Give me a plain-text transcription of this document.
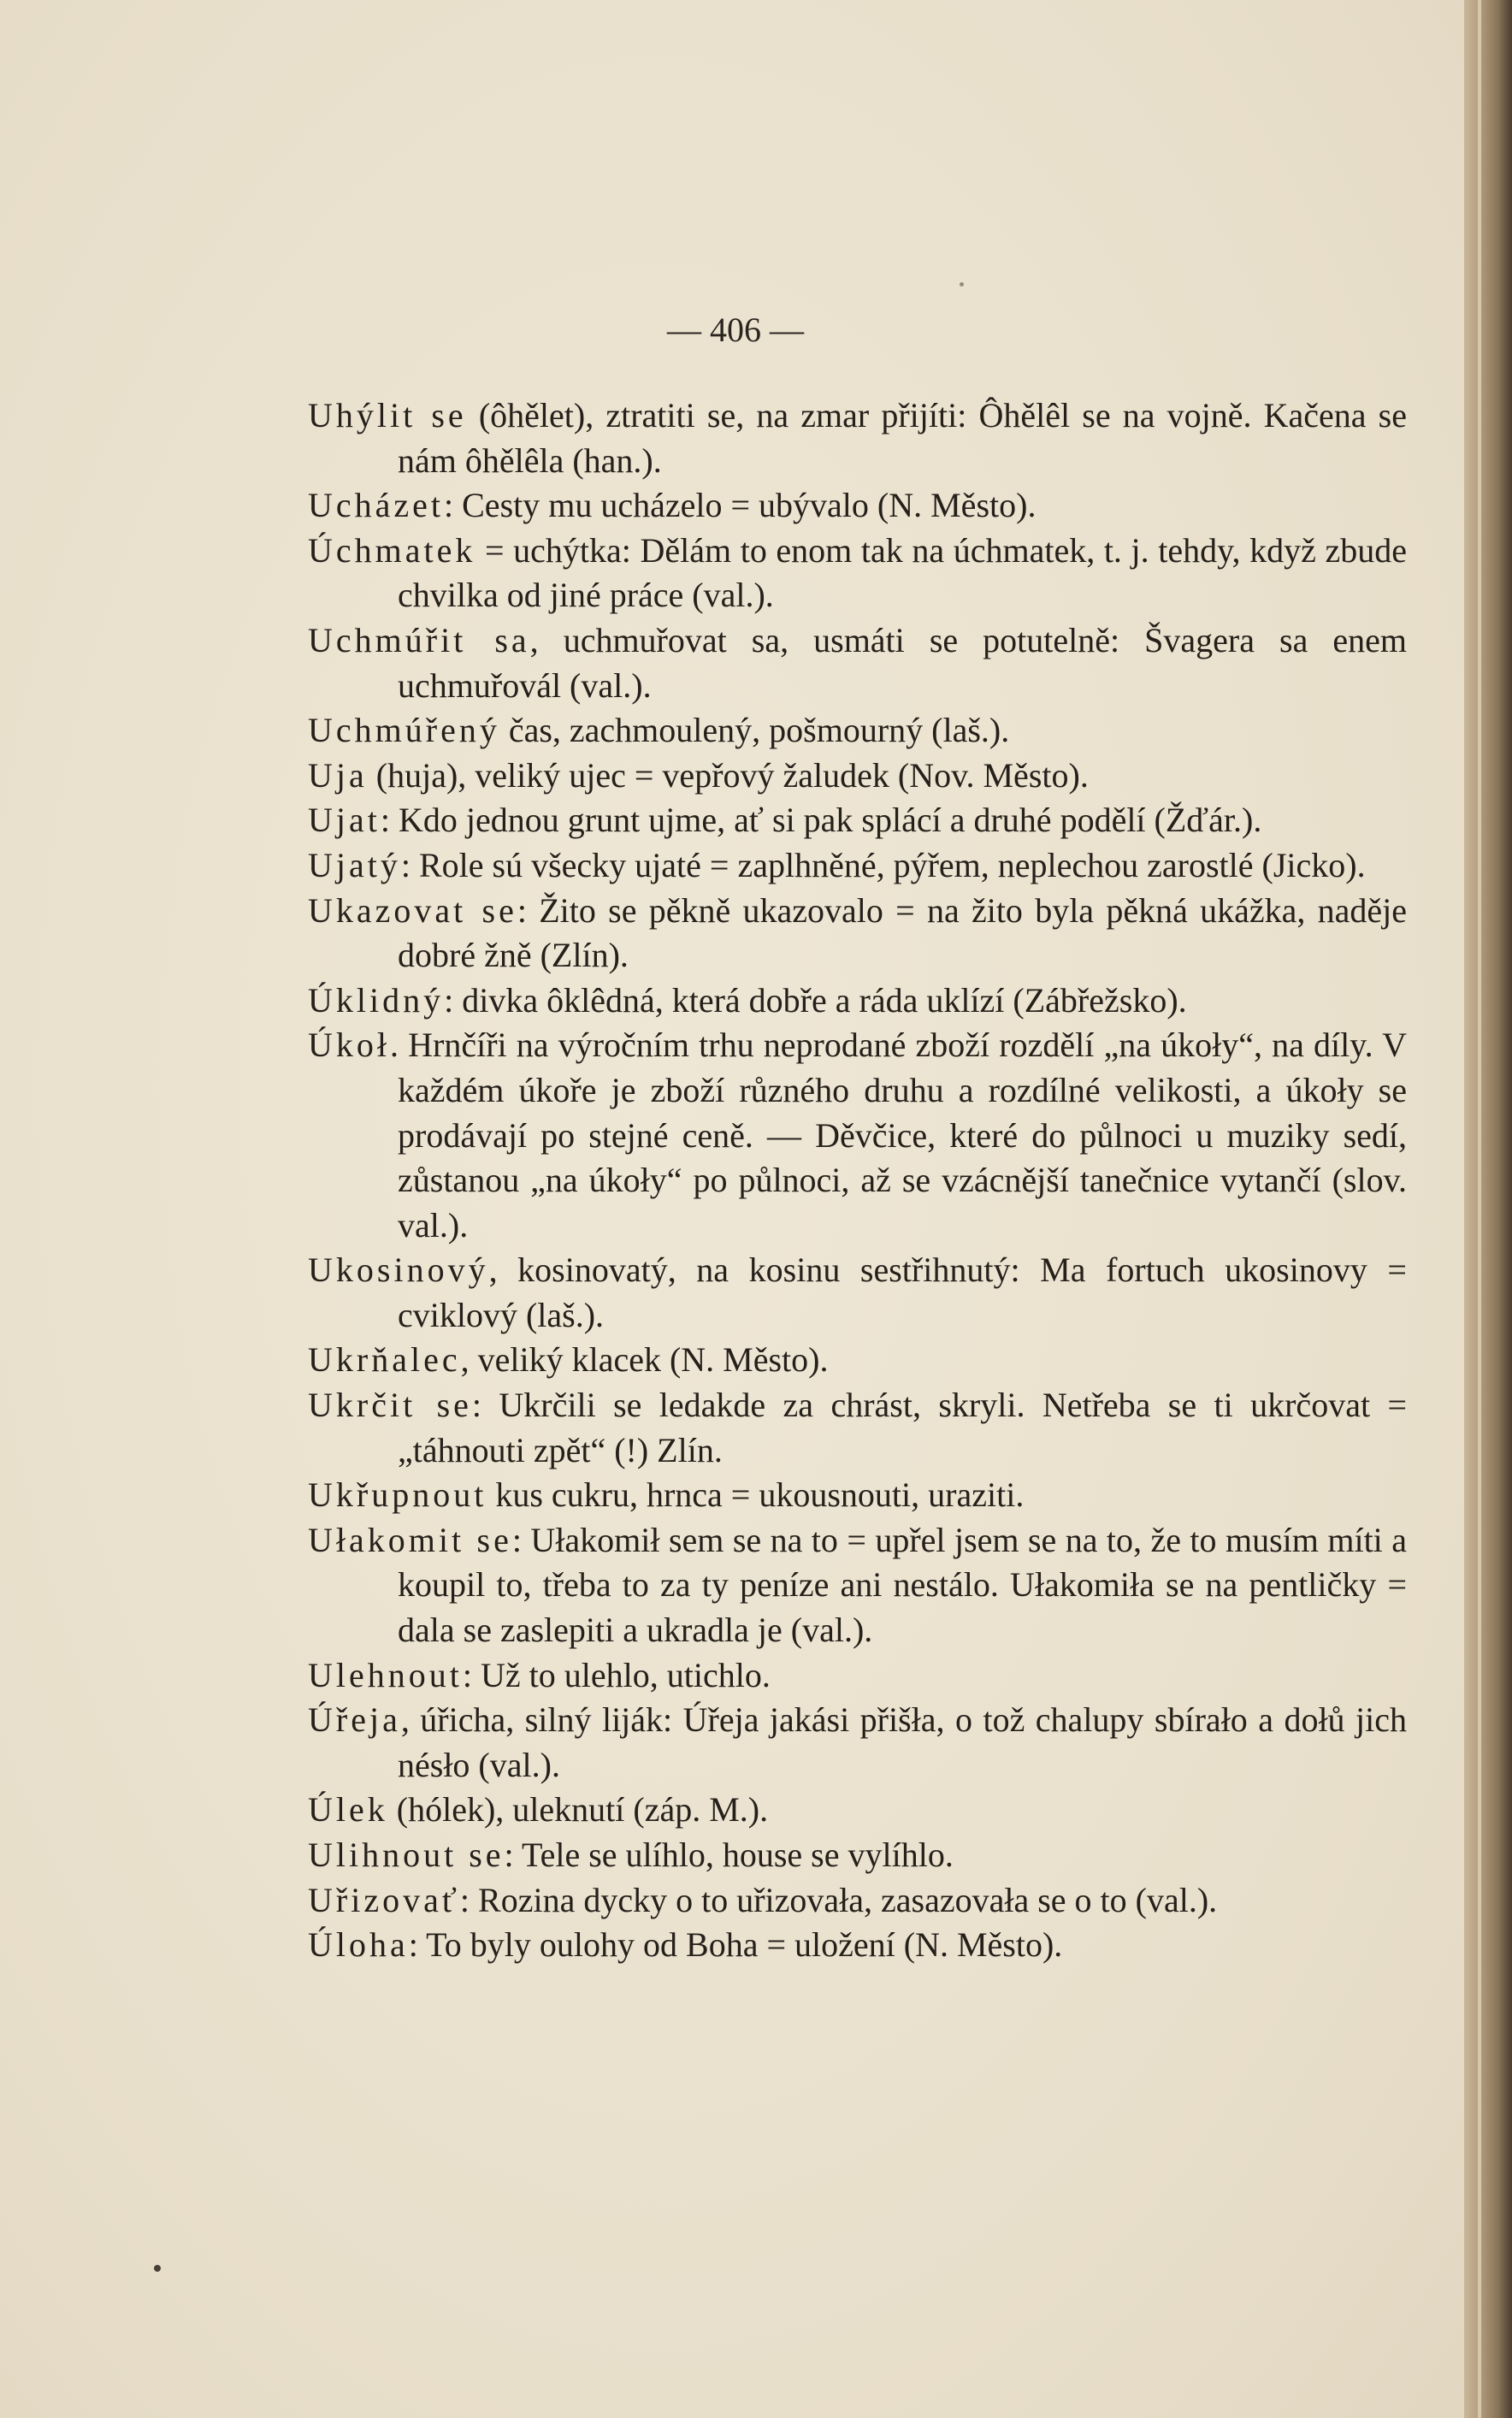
— 406 —

Uhýlit se (ôhělet), ztratiti se, na zmar přijíti: Ôhělêl se na vojně. Kačena se nám ôhělêla (han.).

Ucházet: Cesty mu ucházelo = ubývalo (N. Město).

Úchmatek = uchýtka: Dělám to enom tak na úchmatek, t. j. tehdy, když zbude chvilka od jiné práce (val.).

Uchmúřit sa, uchmuřovat sa, usmáti se potutelně: Švagera sa enem uchmuřovál (val.).

Uchmúřený čas, zachmoulený, pošmourný (laš.).

Uja (huja), veliký ujec = vepřový žaludek (Nov. Město).

Ujat: Kdo jednou grunt ujme, ať si pak splácí a druhé podělí (Žďár.).

Ujatý: Role sú všecky ujaté = zaplhněné, pýřem, neplechou zarostlé (Jicko).

Ukazovat se: Žito se pěkně ukazovalo = na žito byla pěkná ukážka, naděje dobré žně (Zlín).

Úklidný: divka ôklêdná, která dobře a ráda uklízí (Zábřežsko).

Úkoł. Hrnčíři na výročním trhu neprodané zboží rozdělí „na úkoły“, na díly. V každém úkoře je zboží různého druhu a rozdílné velikosti, a úkoły se prodávají po stejné ceně. — Děvčice, které do půlnoci u muziky sedí, zůstanou „na úkoły“ po půlnoci, až se vzácnější tanečnice vytančí (slov. val.).

Ukosinový, kosinovatý, na kosinu sestřihnutý: Ma fortuch ukosinovy = cviklový (laš.).

Ukrňalec, veliký klacek (N. Město).

Ukrčit se: Ukrčili se ledakde za chrást, skryli. Netřeba se ti ukrčovat = „táhnouti zpět“ (!) Zlín.

Ukřupnout kus cukru, hrnca = ukousnouti, uraziti.

Ułakomit se: Ułakomił sem se na to = upřel jsem se na to, že to musím míti a koupil to, třeba to za ty peníze ani nestálo. Ułakomiła se na pentličky = dala se zaslepiti a ukradla je (val.).

Ulehnout: Už to ulehlo, utichlo.

Úřeja, úřicha, silný liják: Úřeja jakási přišła, o tož chalupy sbírało a dołů jich nésło (val.).

Úlek (hólek), uleknutí (záp. M.).

Ulihnout se: Tele se ulíhlo, house se vylíhlo.

Uřizovať: Rozina dycky o to uřizovała, zasazovała se o to (val.).

Úloha: To byly oulohy od Boha = uložení (N. Město).
